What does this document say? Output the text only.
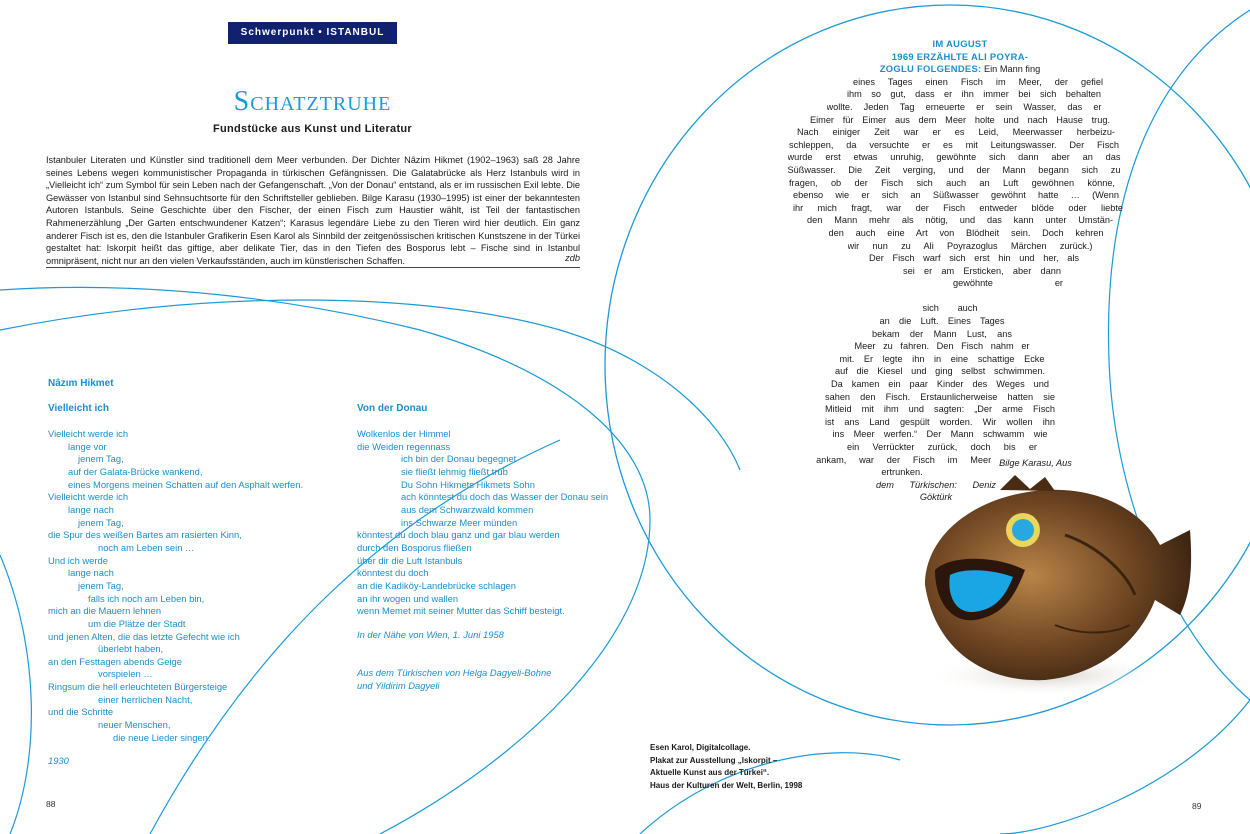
Schwerpunkt • ISTANBUL
Schatztruhe
Fundstücke aus Kunst und Literatur
Istanbuler Literaten und Künstler sind traditionell dem Meer verbunden. Der Dichter Nâzim Hikmet (1902–1963) saß 28 Jahre seines Lebens wegen kommunistischer Propaganda in türkischen Gefängnissen. Die Galatabrücke als Herz Istanbuls wird in „Vielleicht ich“ zum Symbol für sein Leben nach der Gefangenschaft. „Von der Donau“ entstand, als er im russischen Exil lebte. Die Gewässer von Istanbul sind Sehnsuchtsorte für den Schriftsteller geblieben. Bilge Karasu (1930–1995) ist einer der bekanntesten Autoren Istanbuls. Seine Geschichte über den Fischer, der einen Fisch zum Haustier wählt, ist Teil der fantastischen Rahmenerzählung „Der Garten entschwundener Katzen“; Karasus legendäre Liebe zu den Tieren wird hier deutlich. Ein ganz anderer Fisch ist es, den die Istanbuler Grafikerin Esen Karol als Sinnbild der zeitgenössischen kritischen Kunstszene in der Türkei gestaltet hat: Iskorpit heißt das giftige, aber delikate Tier, das in den Tiefen des Bosporus lebt – Fische sind in Istanbul omnipräsent, nicht nur an den vielen Verkaufsständen, auch im künstlerischen Schaffen.	zdb
Nâzım Hikmet
Vielleicht ich
Vielleicht werde ich
lange vor
jenem Tag,
auf der Galata-Brücke wankend,
eines Morgens meinen Schatten auf den Asphalt werfen.
Vielleicht werde ich
lange nach
jenem Tag,
die Spur des weißen Bartes am rasierten Kinn,
noch am Leben sein …
Und ich werde
lange nach
jenem Tag,
falls ich noch am Leben bin,
mich an die Mauern lehnen
um die Plätze der Stadt
und jenen Alten, die das letzte Gefecht wie ich
überlebt haben,
an den Festtagen abends Geige
vorspielen …
Ringsum die hell erleuchteten Bürgersteige
einer herrlichen Nacht,
und die Schritte
neuer Menschen,
die neue Lieder singen.
1930
Von der Donau
Wolkenlos der Himmel
die Weiden regennass
ich bin der Donau begegnet
sie fließt lehmig fließt trüb
Du Sohn Hikmets Hikmets Sohn
ach könntest du doch das Wasser der Donau sein
aus dem Schwarzwald kommen
ins Schwarze Meer münden
könntest du doch blau ganz und gar blau werden
durch den Bosporus fließen
über dir die Luft Istanbuls
könntest du doch
an die Kadiköy-Landebrücke schlagen
an ihr wogen und wallen
wenn Memet mit seiner Mutter das Schiff besteigt.
In der Nähe von Wien, 1. Juni 1958
Aus dem Türkischen von Helga Dagyeli-Bohne
und Yildirim Dagyeli
IM AUGUST
1969 ERZÄHLTE ALI POYRA-
ZOGLU FOLGENDES: Ein Mann fing
eines Tages einen Fisch im Meer, der gefiel
ihm so gut, dass er ihn immer bei sich behalten
wollte. Jeden Tag erneuerte er sein Wasser, das er
Eimer für Eimer aus dem Meer holte und nach Hause trug.
Nach einiger Zeit war er es Leid, Meerwasser herbeizu-
schleppen, da versuchte er es mit Leitungswasser. Der Fisch
wurde erst etwas unruhig, gewöhnte sich dann aber an das
Süßwasser. Die Zeit verging, und der Mann begann sich zu
fragen, ob der Fisch sich auch an Luft gewöhnen könne,
ebenso wie er sich an Süßwasser gewöhnt hatte … (Wenn
ihr mich fragt, war der Fisch entweder blöde oder liebte
den Mann mehr als nötig, und das kann unter Umstän-
den auch eine Art von Blödheit sein. Doch kehren
wir nun zu Ali Poyrazoglus Märchen zurück.)
Der Fisch warf sich erst hin und her, als
sei er am Ersticken, aber dann
gewöhnte er
sich auch
an die Luft. Eines Tages
bekam der Mann Lust, ans
Meer zu fahren. Den Fisch nahm er
mit. Er legte ihn in eine schattige Ecke
auf die Kiesel und ging selbst schwimmen.
Da kamen ein paar Kinder des Weges und
sahen den Fisch. Erstaunlicherweise hatten sie
Mitleid mit ihm und sagten: „Der arme Fisch
ist ans Land gespült worden. Wir wollen ihn
ins Meer werfen.“ Der Mann schwamm wie
ein Verrückter zurück, doch bis er
ankam, war der Fisch im Meer Bilge Karasu, Aus
ertrunken.
dem Türkischen: Deniz
Göktürk
Esen Karol, Digitalcollage.
Plakat zur Ausstellung „Iskorpit –
Aktuelle Kunst aus der Türkei“.
Haus der Kulturen der Welt, Berlin, 1998
88	89
